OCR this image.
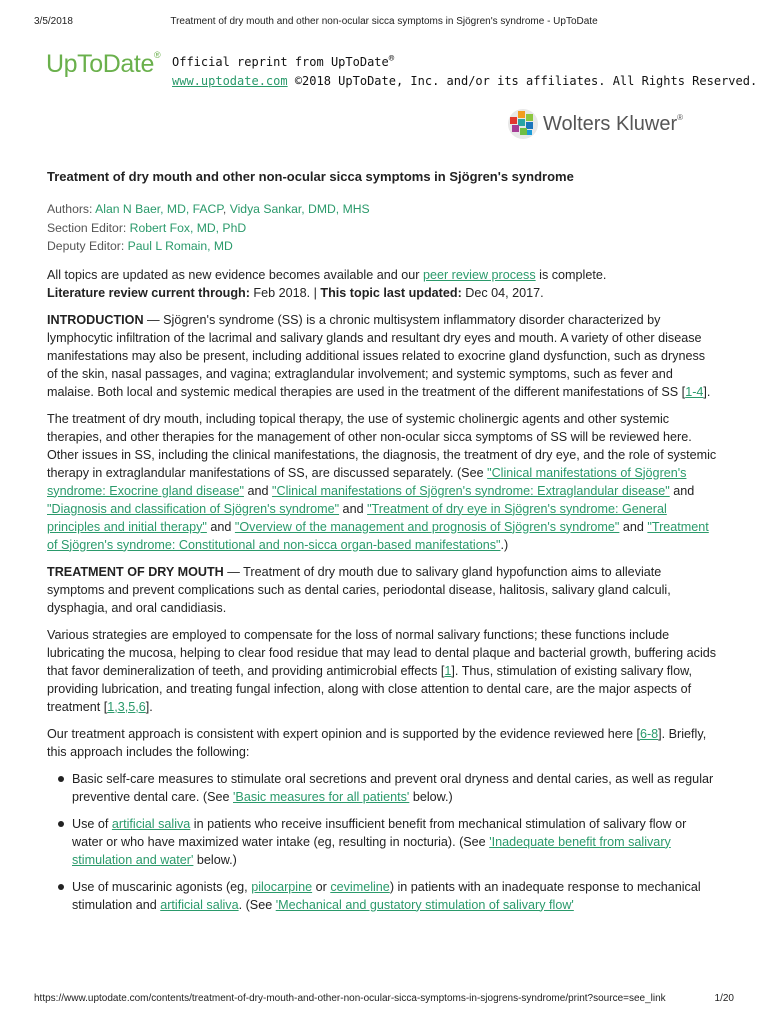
3/5/2018	Treatment of dry mouth and other non-ocular sicca symptoms in Sjögren's syndrome - UpToDate
UpToDate® Official reprint from UpToDate®
www.uptodate.com ©2018 UpToDate, Inc. and/or its affiliates. All Rights Reserved.
Wolters Kluwer®
Treatment of dry mouth and other non-ocular sicca symptoms in Sjögren's syndrome
Authors: Alan N Baer, MD, FACP, Vidya Sankar, DMD, MHS
Section Editor: Robert Fox, MD, PhD
Deputy Editor: Paul L Romain, MD

All topics are updated as new evidence becomes available and our peer review process is complete.
Literature review current through: Feb 2018. | This topic last updated: Dec 04, 2017.

INTRODUCTION — Sjögren's syndrome (SS) is a chronic multisystem inflammatory disorder characterized by lymphocytic infiltration of the lacrimal and salivary glands and resultant dry eyes and mouth. A variety of other disease manifestations may also be present, including additional issues related to exocrine gland dysfunction, such as dryness of the skin, nasal passages, and vagina; extraglandular involvement; and systemic symptoms, such as fever and malaise. Both local and systemic medical therapies are used in the treatment of the different manifestations of SS [1-4].

The treatment of dry mouth, including topical therapy, the use of systemic cholinergic agents and other systemic therapies, and other therapies for the management of other non-ocular sicca symptoms of SS will be reviewed here. Other issues in SS, including the clinical manifestations, the diagnosis, the treatment of dry eye, and the role of systemic therapy in extraglandular manifestations of SS, are discussed separately. (See "Clinical manifestations of Sjögren's syndrome: Exocrine gland disease" and "Clinical manifestations of Sjögren's syndrome: Extraglandular disease" and "Diagnosis and classification of Sjögren's syndrome" and "Treatment of dry eye in Sjögren's syndrome: General principles and initial therapy" and "Overview of the management and prognosis of Sjögren's syndrome" and "Treatment of Sjögren's syndrome: Constitutional and non-sicca organ-based manifestations".)

TREATMENT OF DRY MOUTH — Treatment of dry mouth due to salivary gland hypofunction aims to alleviate symptoms and prevent complications such as dental caries, periodontal disease, halitosis, salivary gland calculi, dysphagia, and oral candidiasis.

Various strategies are employed to compensate for the loss of normal salivary functions; these functions include lubricating the mucosa, helping to clear food residue that may lead to dental plaque and bacterial growth, buffering acids that favor demineralization of teeth, and providing antimicrobial effects [1]. Thus, stimulation of existing salivary flow, providing lubrication, and treating fungal infection, along with close attention to dental care, are the major aspects of treatment [1,3,5,6].

Our treatment approach is consistent with expert opinion and is supported by the evidence reviewed here [6-8]. Briefly, this approach includes the following:

Basic self-care measures to stimulate oral secretions and prevent oral dryness and dental caries, as well as regular preventive dental care. (See 'Basic measures for all patients' below.)
Use of artificial saliva in patients who receive insufficient benefit from mechanical stimulation of salivary flow or water or who have maximized water intake (eg, resulting in nocturia). (See 'Inadequate benefit from salivary stimulation and water' below.)
Use of muscarinic agonists (eg, pilocarpine or cevimeline) in patients with an inadequate response to mechanical stimulation and artificial saliva. (See 'Mechanical and gustatory stimulation of salivary flow'
https://www.uptodate.com/contents/treatment-of-dry-mouth-and-other-non-ocular-sicca-symptoms-in-sjogrens-syndrome/print?source=see_link	1/20
